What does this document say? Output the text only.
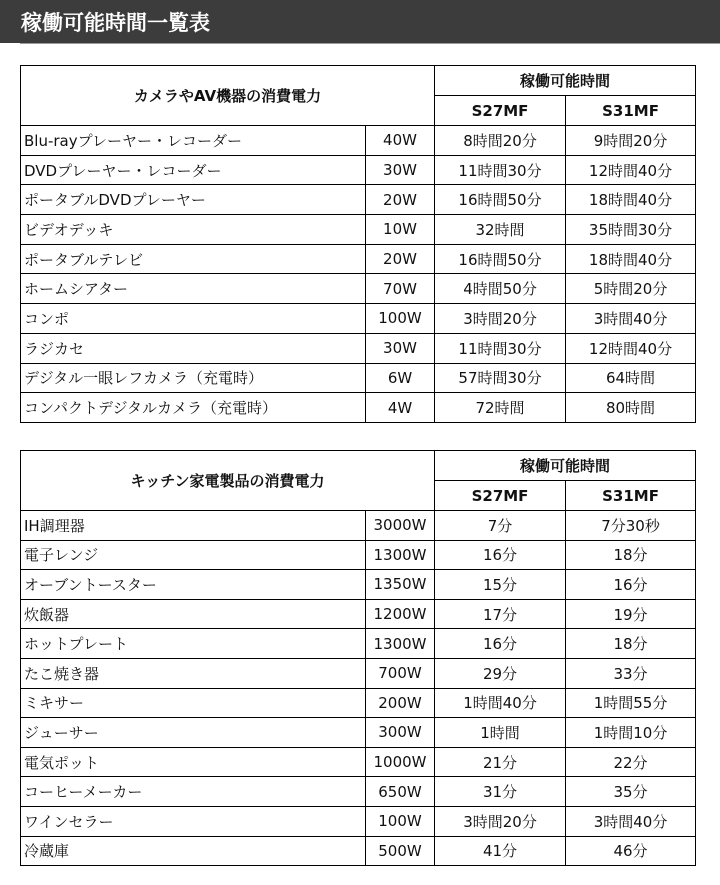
稼働可能時間一覧表
カメラやAV機器の消費電力		稼働可能時間	
		S27MF	S31MF
Blu-rayプレーヤー・レコーダー	40W	8時間20分	9時間20分
DVDプレーヤー・レコーダー	30W	11時間30分	12時間40分
ポータブルDVDプレーヤー	20W	16時間50分	18時間40分
ビデオデッキ	10W	32時間	35時間30分
ポータブルテレビ	20W	16時間50分	18時間40分
ホームシアター	70W	4時間50分	5時間20分
コンポ	100W	3時間20分	3時間40分
ラジカセ	30W	11時間30分	12時間40分
デジタル一眼レフカメラ（充電時）	6W	57時間30分	64時間
コンパクトデジタルカメラ（充電時）	4W	72時間	80時間
キッチン家電製品の消費電力		稼働可能時間	
		S27MF	S31MF
IH調理器	3000W	7分	7分30秒
電子レンジ	1300W	16分	18分
オーブントースター	1350W	15分	16分
炊飯器	1200W	17分	19分
ホットプレート	1300W	16分	18分
たこ焼き器	700W	29分	33分
ミキサー	200W	1時間40分	1時間55分
ジューサー	300W	1時間	1時間10分
電気ポット	1000W	21分	22分
コーヒーメーカー	650W	31分	35分
ワインセラー	100W	3時間20分	3時間40分
冷蔵庫	500W	41分	46分
